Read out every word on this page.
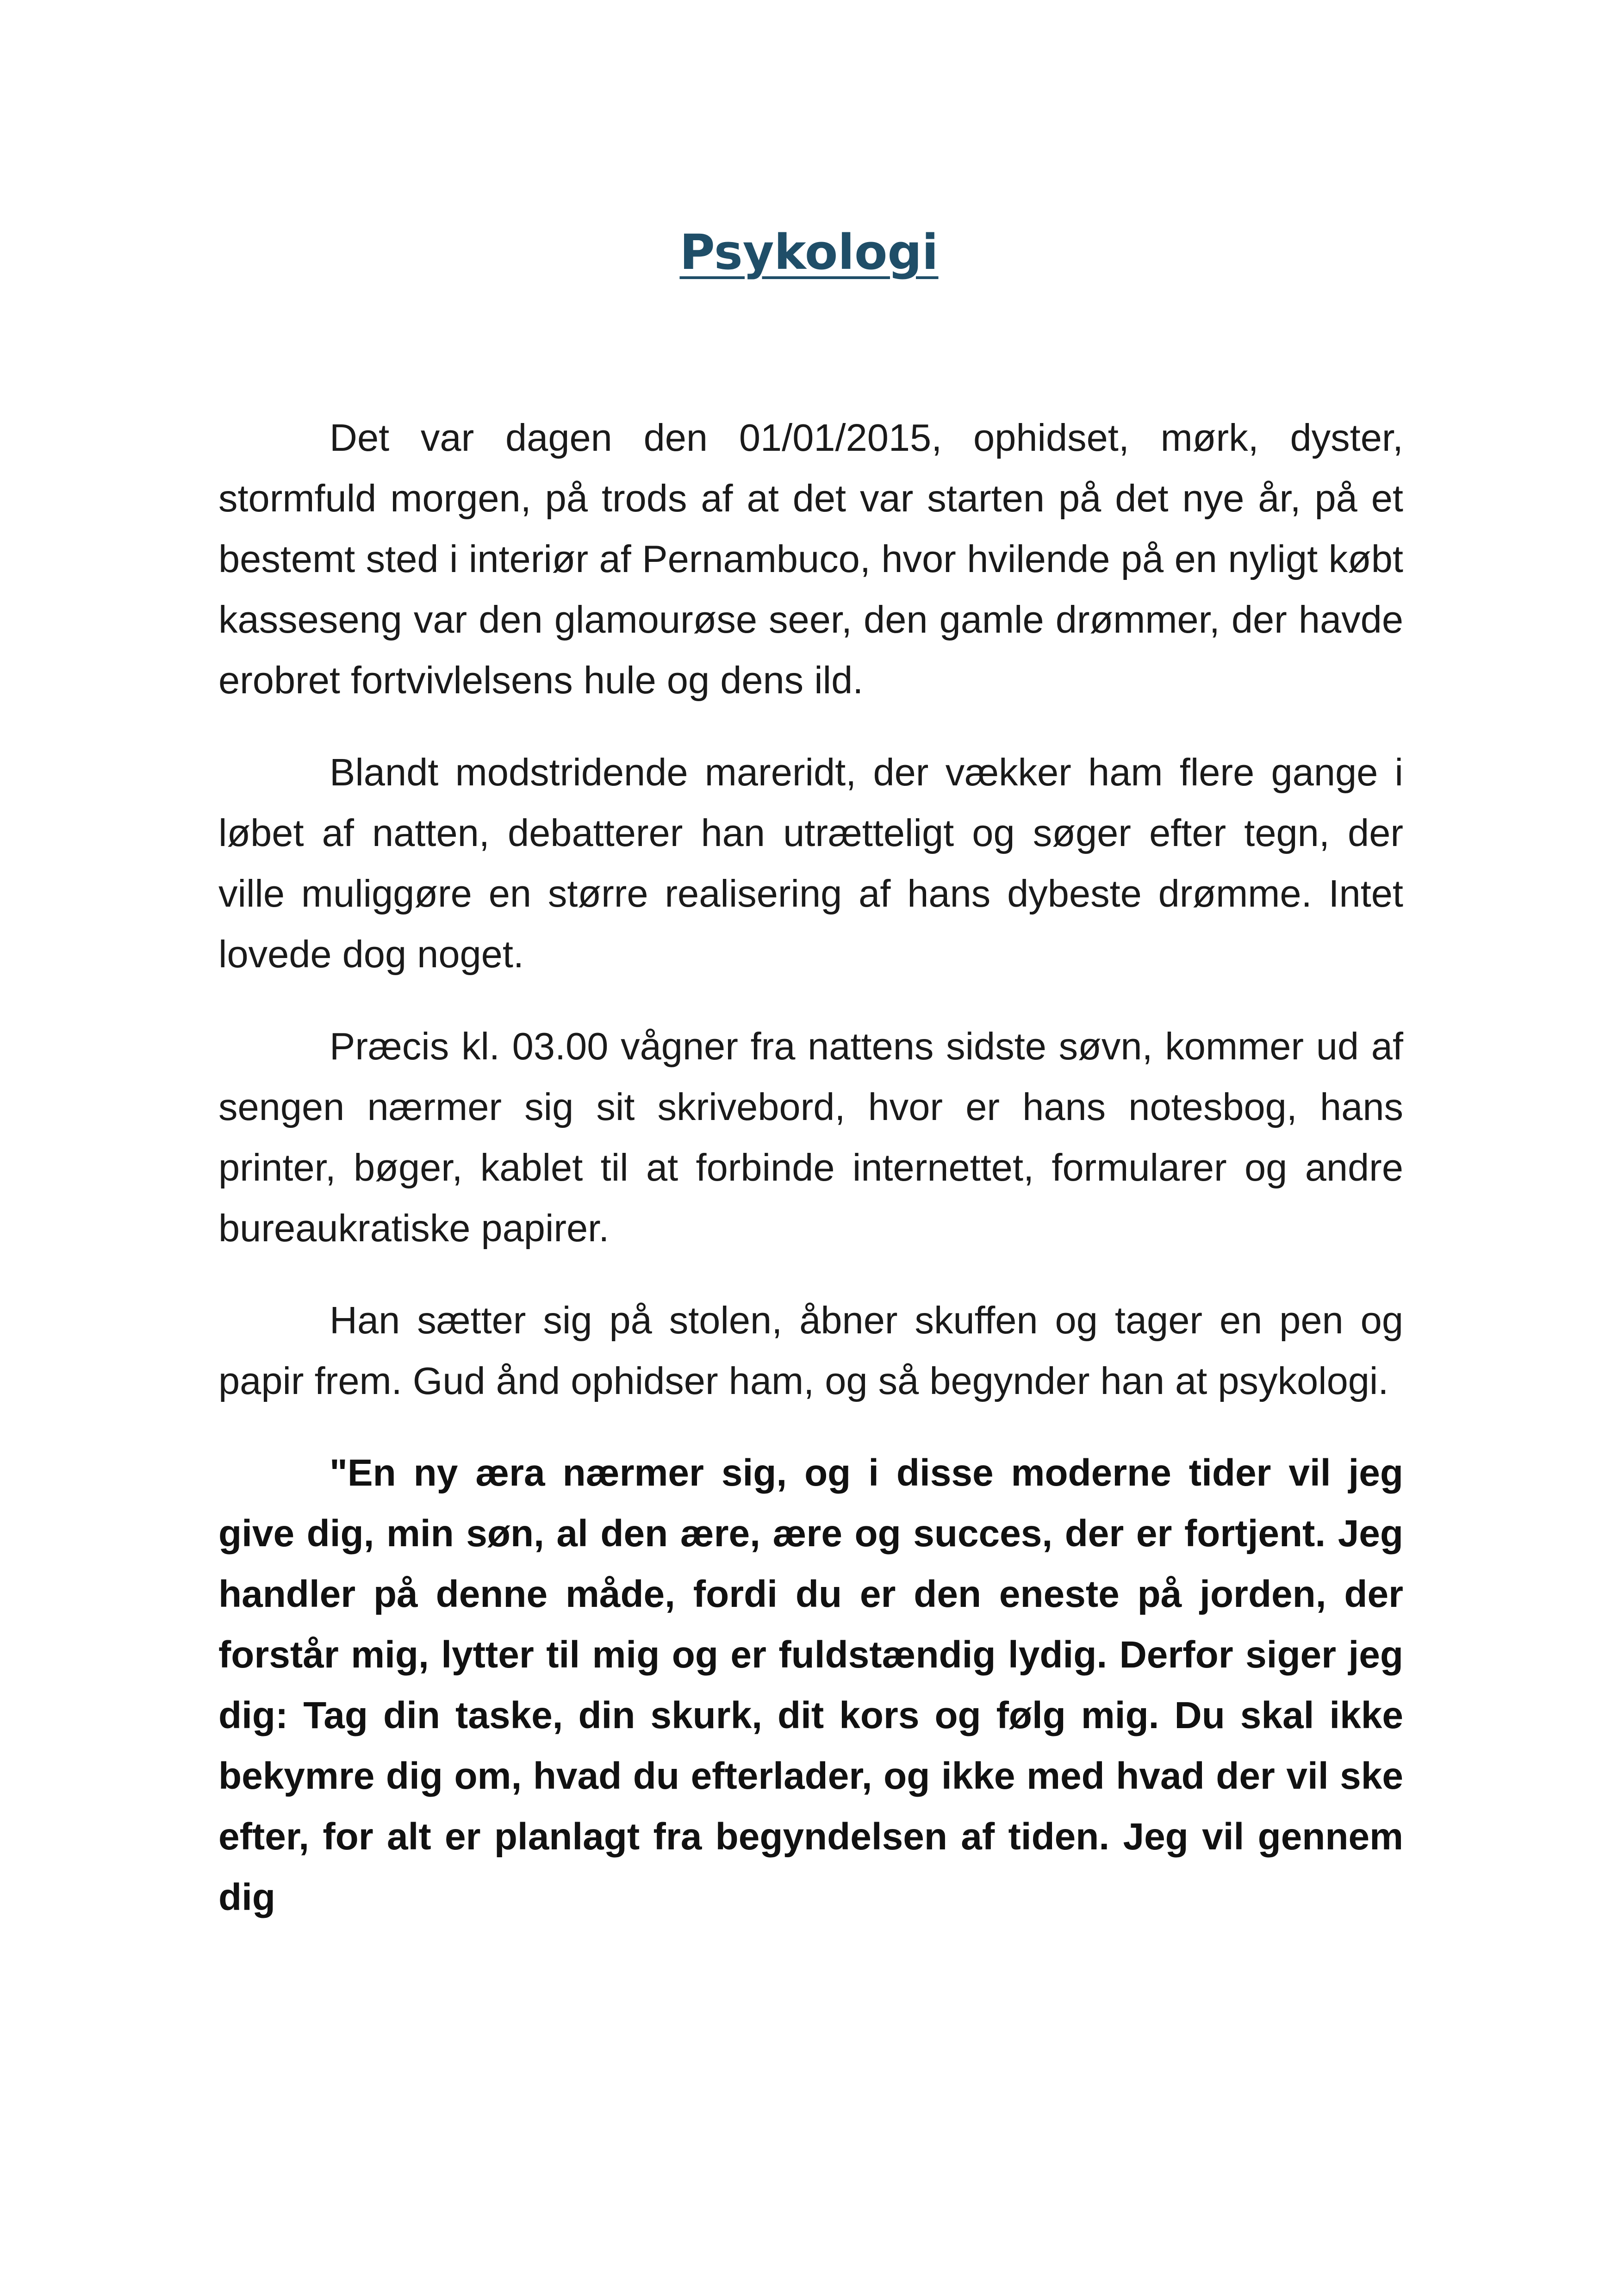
Psykologi

Det var dagen den 01/01/2015, ophidset, mørk, dyster, stormfuld morgen, på trods af at det var starten på det nye år, på et bestemt sted i interiør af Pernambuco, hvor hvilende på en nyligt købt kasseseng var den glamourøse seer, den gamle drømmer, der havde erobret fortvivlelsens hule og dens ild.

Blandt modstridende mareridt, der vækker ham flere gange i løbet af natten, debatterer han utrætteligt og søger efter tegn, der ville muliggøre en større realisering af hans dybeste drømme. Intet lovede dog noget.

Præcis kl. 03.00 vågner fra nattens sidste søvn, kommer ud af sengen nærmer sig sit skrivebord, hvor er hans notesbog, hans printer, bøger, kablet til at forbinde internettet, formularer og andre bureaukratiske papirer.

Han sætter sig på stolen, åbner skuffen og tager en pen og papir frem. Gud ånd ophidser ham, og så begynder han at psykologi.

"En ny æra nærmer sig, og i disse moderne tider vil jeg give dig, min søn, al den ære, ære og succes, der er fortjent. Jeg handler på denne måde, fordi du er den eneste på jorden, der forstår mig, lytter til mig og er fuldstændig lydig. Derfor siger jeg dig: Tag din taske, din skurk, dit kors og følg mig. Du skal ikke bekymre dig om, hvad du efterlader, og ikke med hvad der vil ske efter, for alt er planlagt fra begyndelsen af tiden. Jeg vil gennem dig
